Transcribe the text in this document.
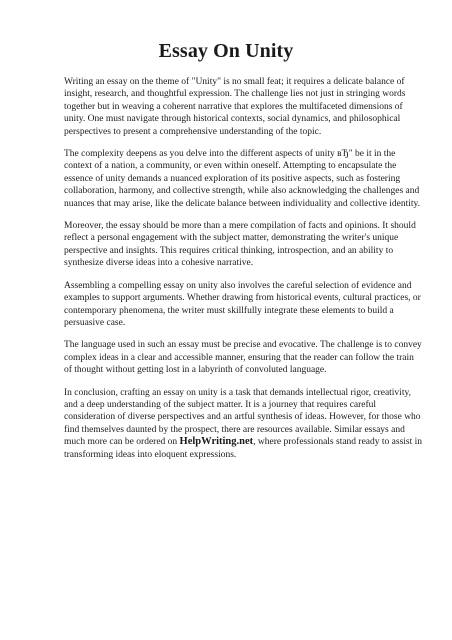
Essay On Unity

Writing an essay on the theme of "Unity" is no small feat; it requires a delicate balance of insight, research, and thoughtful expression. The challenge lies not just in stringing words together but in weaving a coherent narrative that explores the multifaceted dimensions of unity. One must navigate through historical contexts, social dynamics, and philosophical perspectives to present a comprehensive understanding of the topic.

The complexity deepens as you delve into the different aspects of unity вЂ" be it in the context of a nation, a community, or even within oneself. Attempting to encapsulate the essence of unity demands a nuanced exploration of its positive aspects, such as fostering collaboration, harmony, and collective strength, while also acknowledging the challenges and nuances that may arise, like the delicate balance between individuality and collective identity.

Moreover, the essay should be more than a mere compilation of facts and opinions. It should reflect a personal engagement with the subject matter, demonstrating the writer's unique perspective and insights. This requires critical thinking, introspection, and an ability to synthesize diverse ideas into a cohesive narrative.

Assembling a compelling essay on unity also involves the careful selection of evidence and examples to support arguments. Whether drawing from historical events, cultural practices, or contemporary phenomena, the writer must skillfully integrate these elements to build a persuasive case.

The language used in such an essay must be precise and evocative. The challenge is to convey complex ideas in a clear and accessible manner, ensuring that the reader can follow the train of thought without getting lost in a labyrinth of convoluted language.

In conclusion, crafting an essay on unity is a task that demands intellectual rigor, creativity, and a deep understanding of the subject matter. It is a journey that requires careful consideration of diverse perspectives and an artful synthesis of ideas. However, for those who find themselves daunted by the prospect, there are resources available. Similar essays and much more can be ordered on HelpWriting.net, where professionals stand ready to assist in transforming ideas into eloquent expressions.
